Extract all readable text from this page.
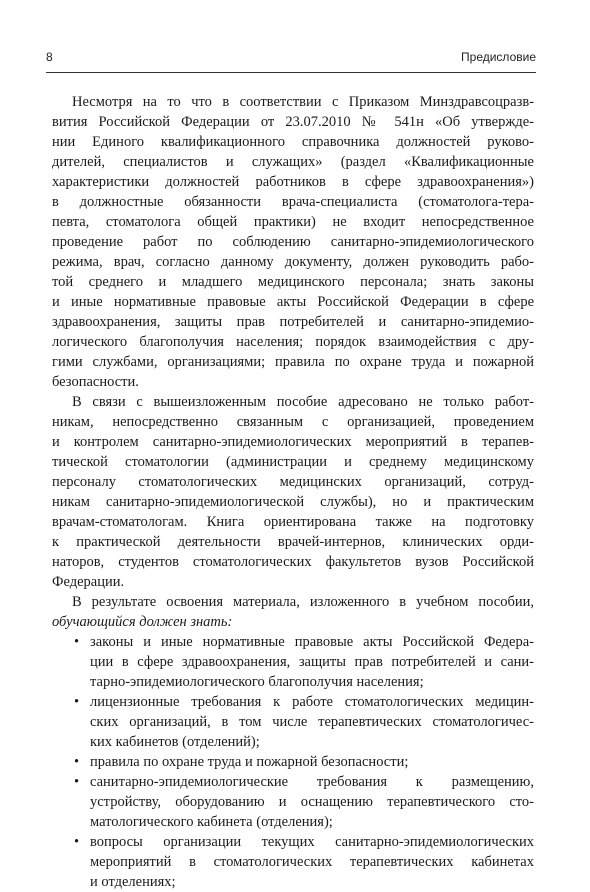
8	Предисловие
Несмотря на то что в соответствии с Приказом Минздравсоцразв-
вития Российской Федерации от 23.07.2010 № 541н «Об утвержде-
нии Единого квалификационного справочника должностей руково-
дителей, специалистов и служащих» (раздел «Квалификационные
характеристики должностей работников в сфере здравоохранения»)
в должностные обязанности врача-специалиста (стоматолога-тера-
певта, стоматолога общей практики) не входит непосредственное
проведение работ по соблюдению санитарно-эпидемиологического
режима, врач, согласно данному документу, должен руководить рабо-
той среднего и младшего медицинского персонала; знать законы
и иные нормативные правовые акты Российской Федерации в сфере
здравоохранения, защиты прав потребителей и санитарно-эпидемио-
логического благополучия населения; порядок взаимодействия с дру-
гими службами, организациями; правила по охране труда и пожарной
безопасности.
В связи с вышеизложенным пособие адресовано не только работ-
никам, непосредственно связанным с организацией, проведением
и контролем санитарно-эпидемиологических мероприятий в терапев-
тической стоматологии (администрации и среднему медицинскому
персоналу стоматологических медицинских организаций, сотруд-
никам санитарно-эпидемиологической службы), но и практическим
врачам-стоматологам. Книга ориентирована также на подготовку
к практической деятельности врачей-интернов, клинических орди-
наторов, студентов стоматологических факультетов вузов Российской
Федерации.
В результате освоения материала, изложенного в учебном пособии,
обучающийся должен знать:
• законы и иные нормативные правовые акты Российской Федера-
ции в сфере здравоохранения, защиты прав потребителей и сани-
тарно-эпидемиологического благополучия населения;
• лицензионные требования к работе стоматологических медицин-
ских организаций, в том числе терапевтических стоматологичес-
ких кабинетов (отделений);
• правила по охране труда и пожарной безопасности;
• санитарно-эпидемиологические требования к размещению,
устройству, оборудованию и оснащению терапевтического сто-
матологического кабинета (отделения);
• вопросы организации текущих санитарно-эпидемиологических
мероприятий в стоматологических терапевтических кабинетах
и отделениях;
